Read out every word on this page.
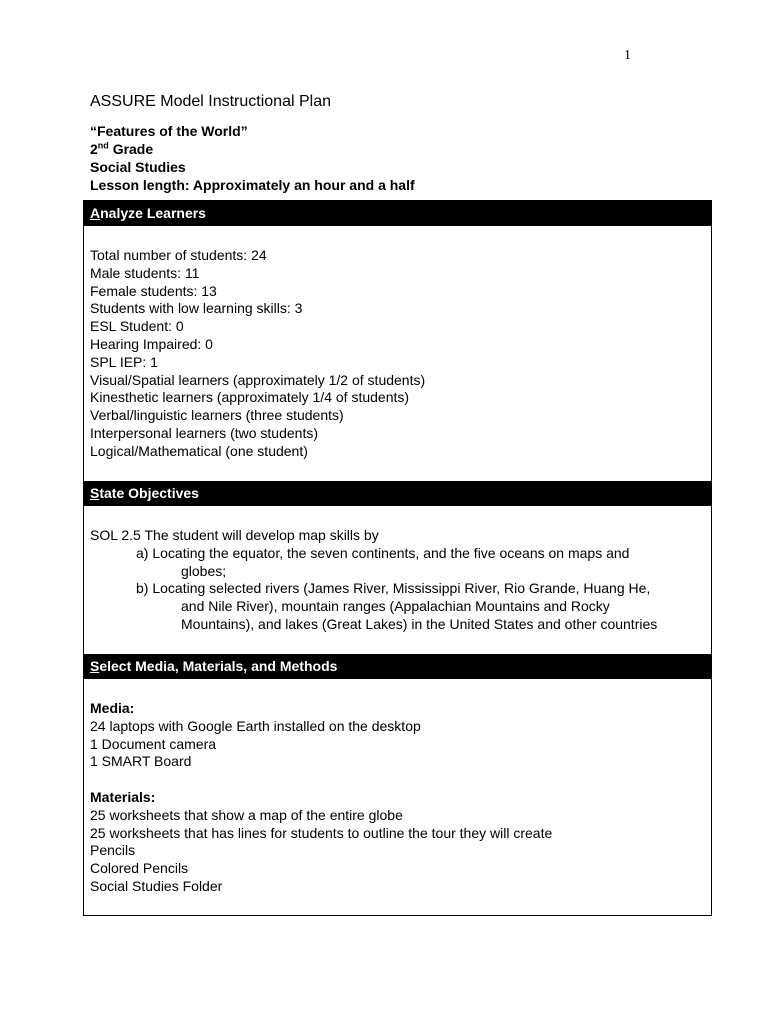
1
ASSURE Model Instructional Plan
“Features of the World”
2nd Grade
Social Studies
Lesson length: Approximately an hour and a half
Analyze Learners
Total number of students: 24
Male students: 11
Female students: 13
Students with low learning skills: 3
ESL Student: 0
Hearing Impaired: 0
SPL IEP: 1
Visual/Spatial learners (approximately 1/2 of students)
Kinesthetic learners (approximately 1/4 of students)
Verbal/linguistic learners (three students)
Interpersonal learners (two students)
Logical/Mathematical (one student)
State Objectives
SOL 2.5 The student will develop map skills by
a) Locating the equator, the seven continents, and the five oceans on maps and
globes;
b) Locating selected rivers (James River, Mississippi River, Rio Grande, Huang He,
and Nile River), mountain ranges (Appalachian Mountains and Rocky
Mountains), and lakes (Great Lakes) in the United States and other countries
Select Media, Materials, and Methods
Media:
24 laptops with Google Earth installed on the desktop
1 Document camera
1 SMART Board
Materials:
25 worksheets that show a map of the entire globe
25 worksheets that has lines for students to outline the tour they will create
Pencils
Colored Pencils
Social Studies Folder
